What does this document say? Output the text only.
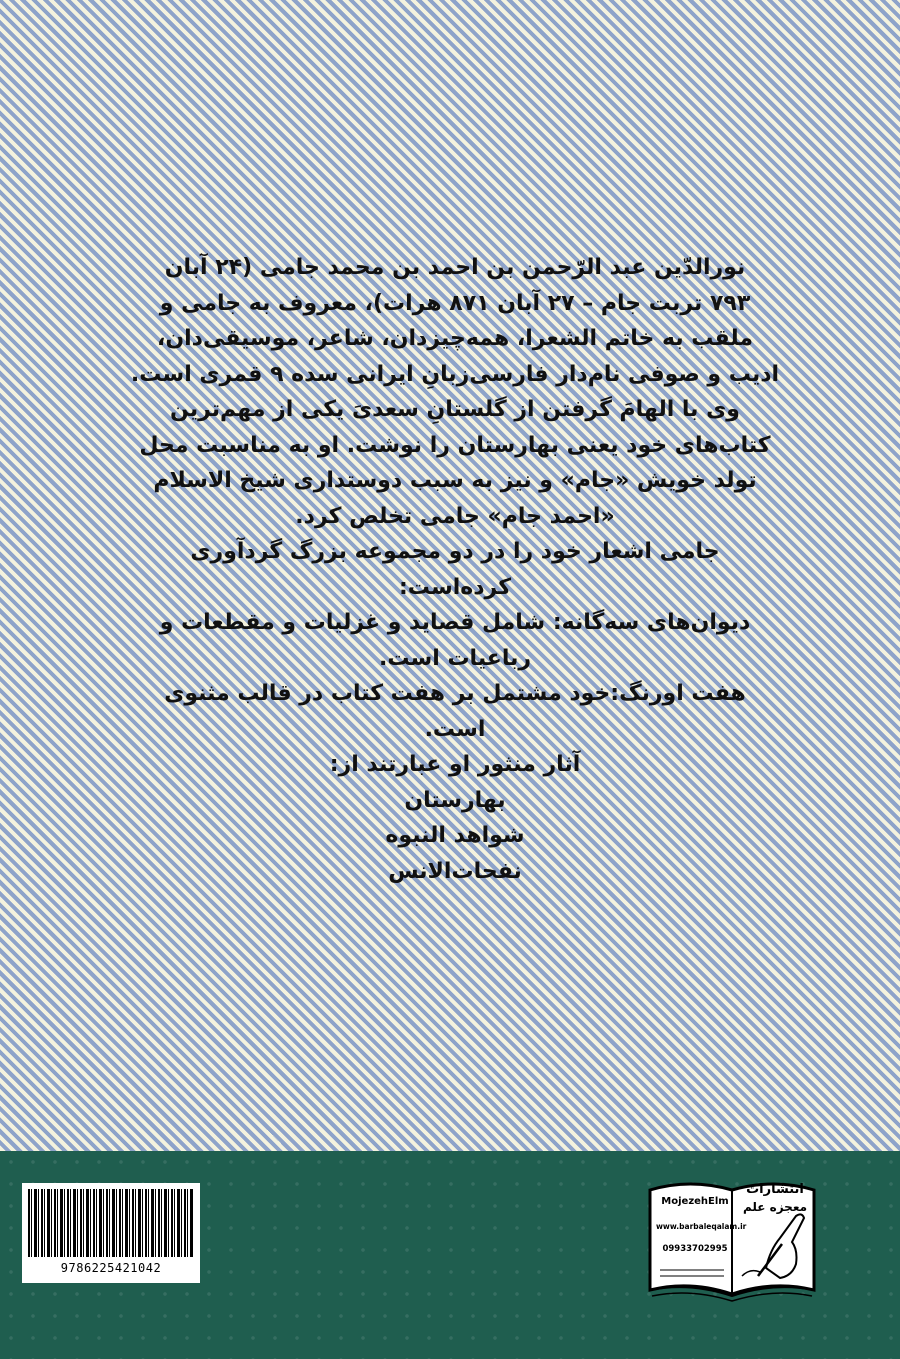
نورالدّین عبد الرّحمن بن احمد بن محمد جامی (۲۴ آبان
۷۹۳ تربت جام – ۲۷ آبان ۸۷۱ هرات)، معروف به جامی و
ملقب به خاتم الشعرا، همه‌چیزدان، شاعر، موسیقی‌دان،
ادیب و صوفی نام‌دار فارسی‌زبانِ ایرانی سده ۹ قمری است.
وی با الهامَ گرفتن از گلستانِ سعدیَ یکی از مهم‌ترین
کتاب‌های خود یعنی بهارستان را نوشت. او به مناسبت محل
تولد خویش «جام» و نیز به سبب دوستداری شیخ الاسلام
«احمد جام» جامی تخلص کرد.
جامی اشعار خود را در دو مجموعه بزرگ گردآوری
کرده‌است:
دیوان‌های سه‌گانه: شامل قصاید و غزلیات و مقطعات و
رباعیات است.
هفت اورنگ:خود مشتمل بر هفت کتاب در قالب مثنوی
است.
آثار منثور او عبارتند از:
بهارستان
شواهد النبوه
نفحات‌الانس
9786225421042
انتشارات
معجزه علم
MojezehElm
www.barbaleqalam.ir
09933702995
